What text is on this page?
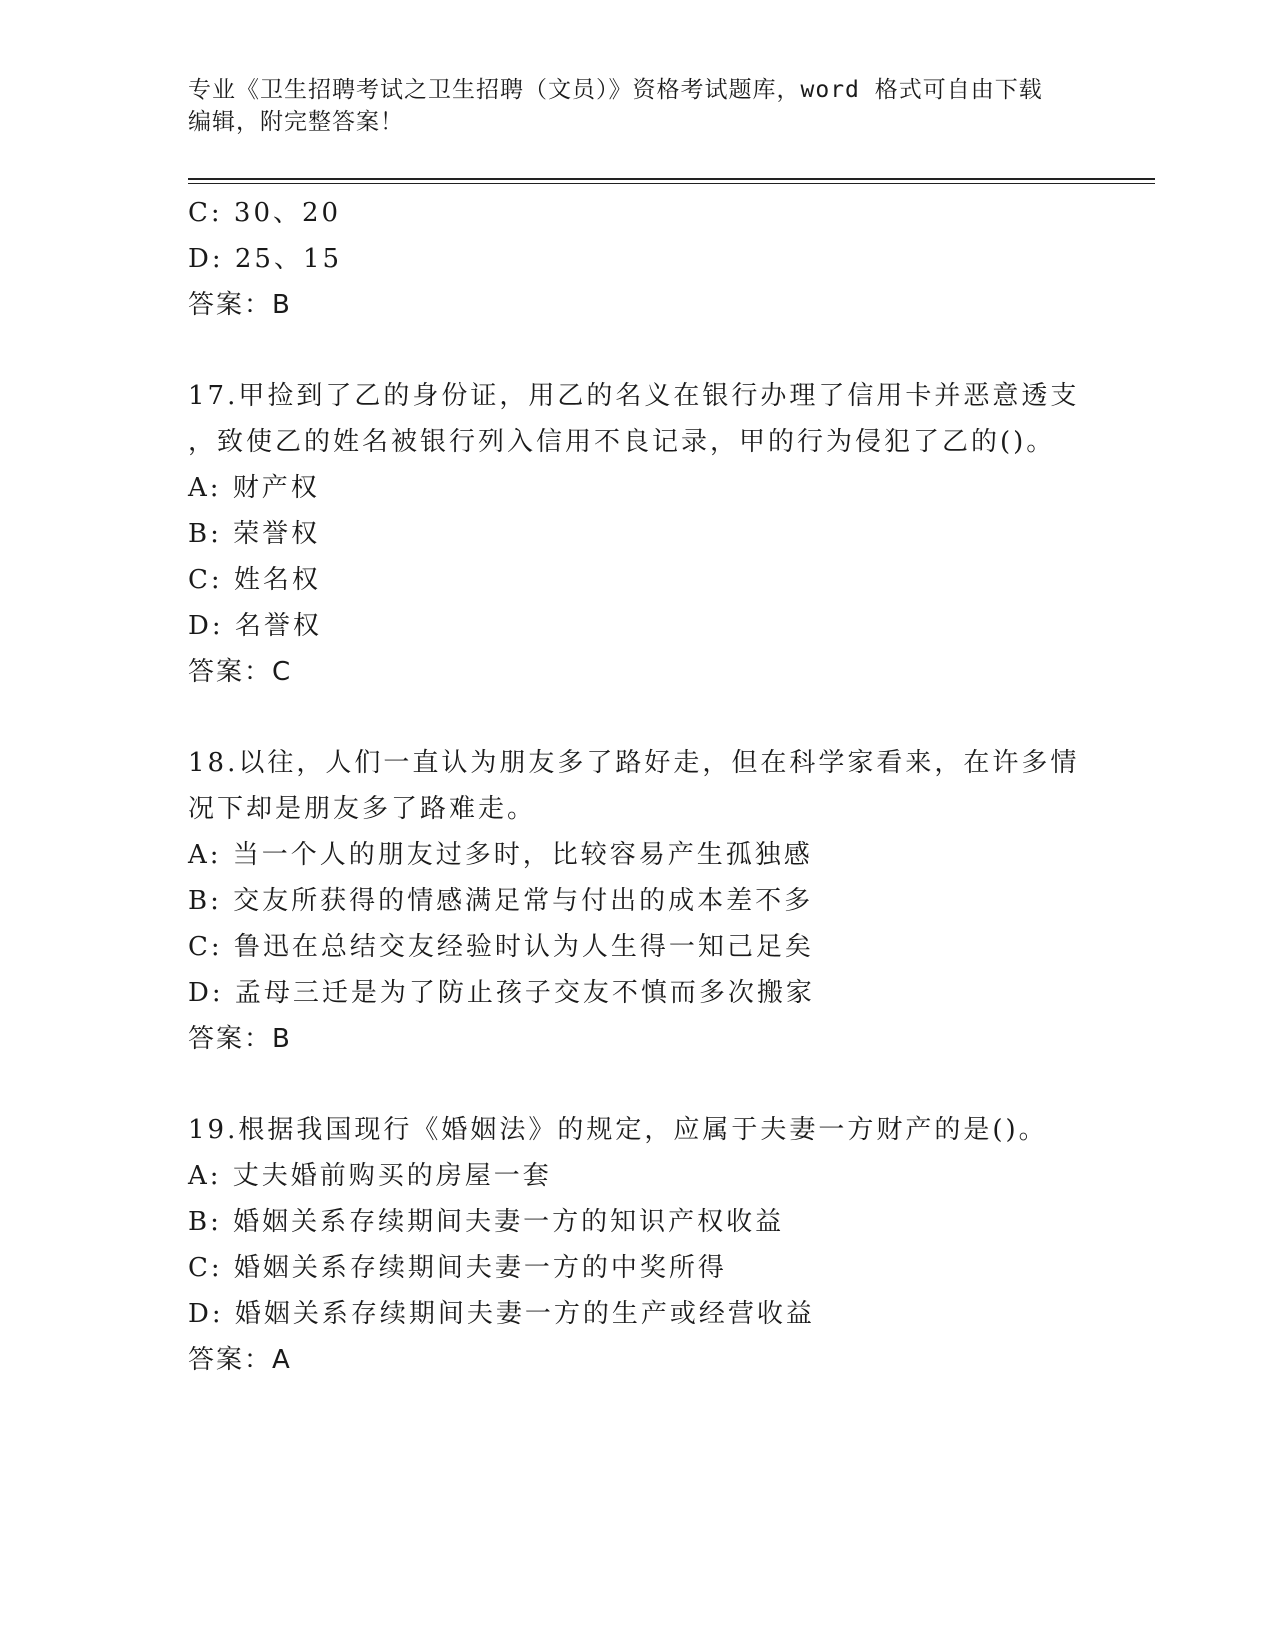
专业《卫生招聘考试之卫生招聘（文员）》资格考试题库，word 格式可自由下载
编辑，附完整答案！
C: 30、20
D: 25、15
答案：B
17.甲捡到了乙的身份证，用乙的名义在银行办理了信用卡并恶意透支
，致使乙的姓名被银行列入信用不良记录，甲的行为侵犯了乙的()。
A: 财产权
B: 荣誉权
C: 姓名权
D: 名誉权
答案：C
18.以往，人们一直认为朋友多了路好走，但在科学家看来，在许多情
况下却是朋友多了路难走。
A: 当一个人的朋友过多时，比较容易产生孤独感
B: 交友所获得的情感满足常与付出的成本差不多
C: 鲁迅在总结交友经验时认为人生得一知己足矣
D: 孟母三迁是为了防止孩子交友不慎而多次搬家
答案：B
19.根据我国现行《婚姻法》的规定，应属于夫妻一方财产的是()。
A: 丈夫婚前购买的房屋一套
B: 婚姻关系存续期间夫妻一方的知识产权收益
C: 婚姻关系存续期间夫妻一方的中奖所得
D: 婚姻关系存续期间夫妻一方的生产或经营收益
答案：A
